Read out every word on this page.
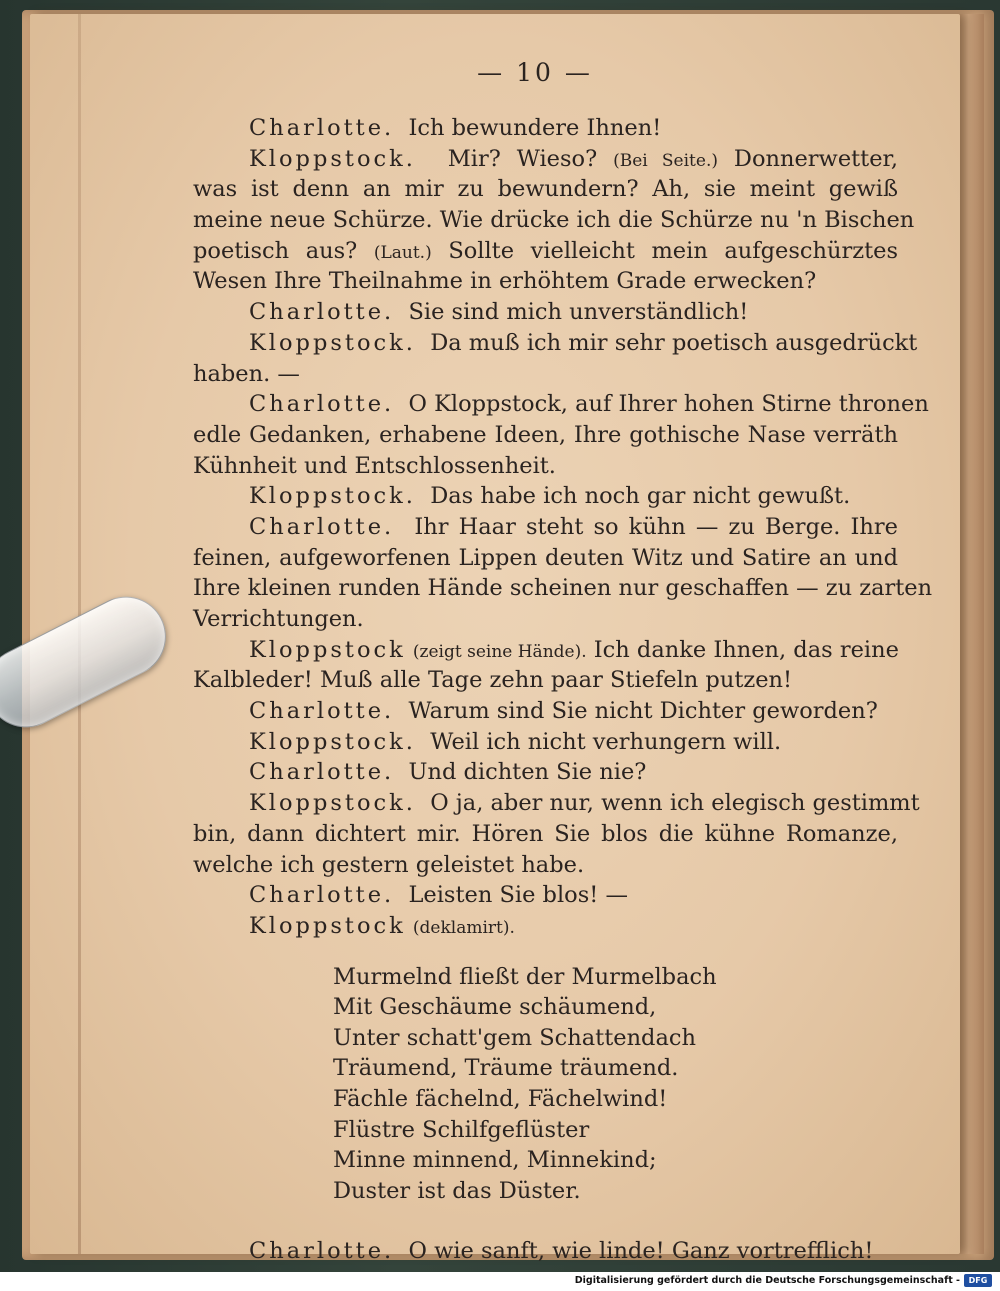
— 10 —
Charlotte. Ich bewundere Ihnen!
Kloppstock. Mir? Wieso? (Bei Seite.) Donnerwetter,
was ist denn an mir zu bewundern? Ah, sie meint gewiß
meine neue Schürze. Wie drücke ich die Schürze nu 'n Bischen
poetisch aus? (Laut.) Sollte vielleicht mein aufgeschürztes
Wesen Ihre Theilnahme in erhöhtem Grade erwecken?
Charlotte. Sie sind mich unverständlich!
Kloppstock. Da muß ich mir sehr poetisch ausgedrückt
haben. —
Charlotte. O Kloppstock, auf Ihrer hohen Stirne thronen
edle Gedanken, erhabene Ideen, Ihre gothische Nase verräth
Kühnheit und Entschlossenheit.
Kloppstock. Das habe ich noch gar nicht gewußt.
Charlotte. Ihr Haar steht so kühn — zu Berge. Ihre
feinen, aufgeworfenen Lippen deuten Witz und Satire an und
Ihre kleinen runden Hände scheinen nur geschaffen — zu zarten
Verrichtungen.
Kloppstock (zeigt seine Hände). Ich danke Ihnen, das reine
Kalbleder! Muß alle Tage zehn paar Stiefeln putzen!
Charlotte. Warum sind Sie nicht Dichter geworden?
Kloppstock. Weil ich nicht verhungern will.
Charlotte. Und dichten Sie nie?
Kloppstock. O ja, aber nur, wenn ich elegisch gestimmt
bin, dann dichtert mir. Hören Sie blos die kühne Romanze,
welche ich gestern geleistet habe.
Charlotte. Leisten Sie blos! —
Kloppstock (deklamirt).
Murmelnd fließt der Murmelbach
Mit Geschäume schäumend,
Unter schatt'gem Schattendach
Träumend, Träume träumend.
Fächle fächelnd, Fächelwind!
Flüstre Schilfgeflüster
Minne minnend, Minnekind;
Duster ist das Düster.
Charlotte. O wie sanft, wie linde! Ganz vortrefflich!
Digitalisierung gefördert durch die Deutsche Forschungsgemeinschaft -	DFG
